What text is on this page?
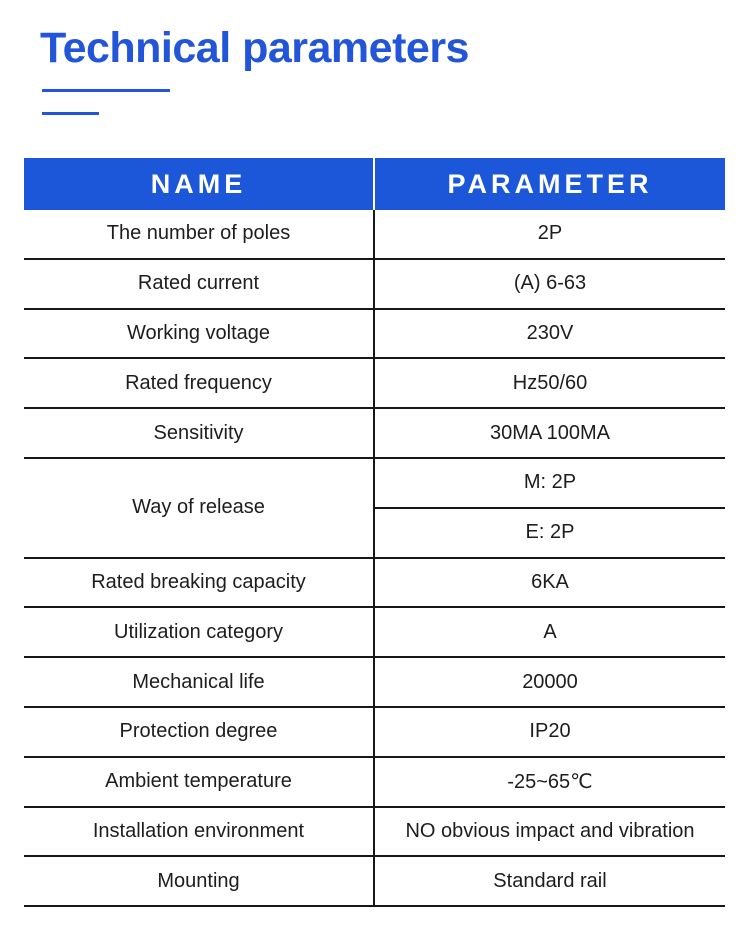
Technical parameters
NAME	PARAMETER
The number of poles	2P
Rated current	(A) 6-63
Working voltage	230V
Rated frequency	Hz50/60
Sensitivity	30MA 100MA
Way of release	M: 2P
	E: 2P
Rated breaking capacity	6KA
Utilization category	A
Mechanical life	20000
Protection degree	IP20
Ambient temperature	-25~65℃
Installation environment	NO obvious impact and vibration
Mounting	Standard rail
